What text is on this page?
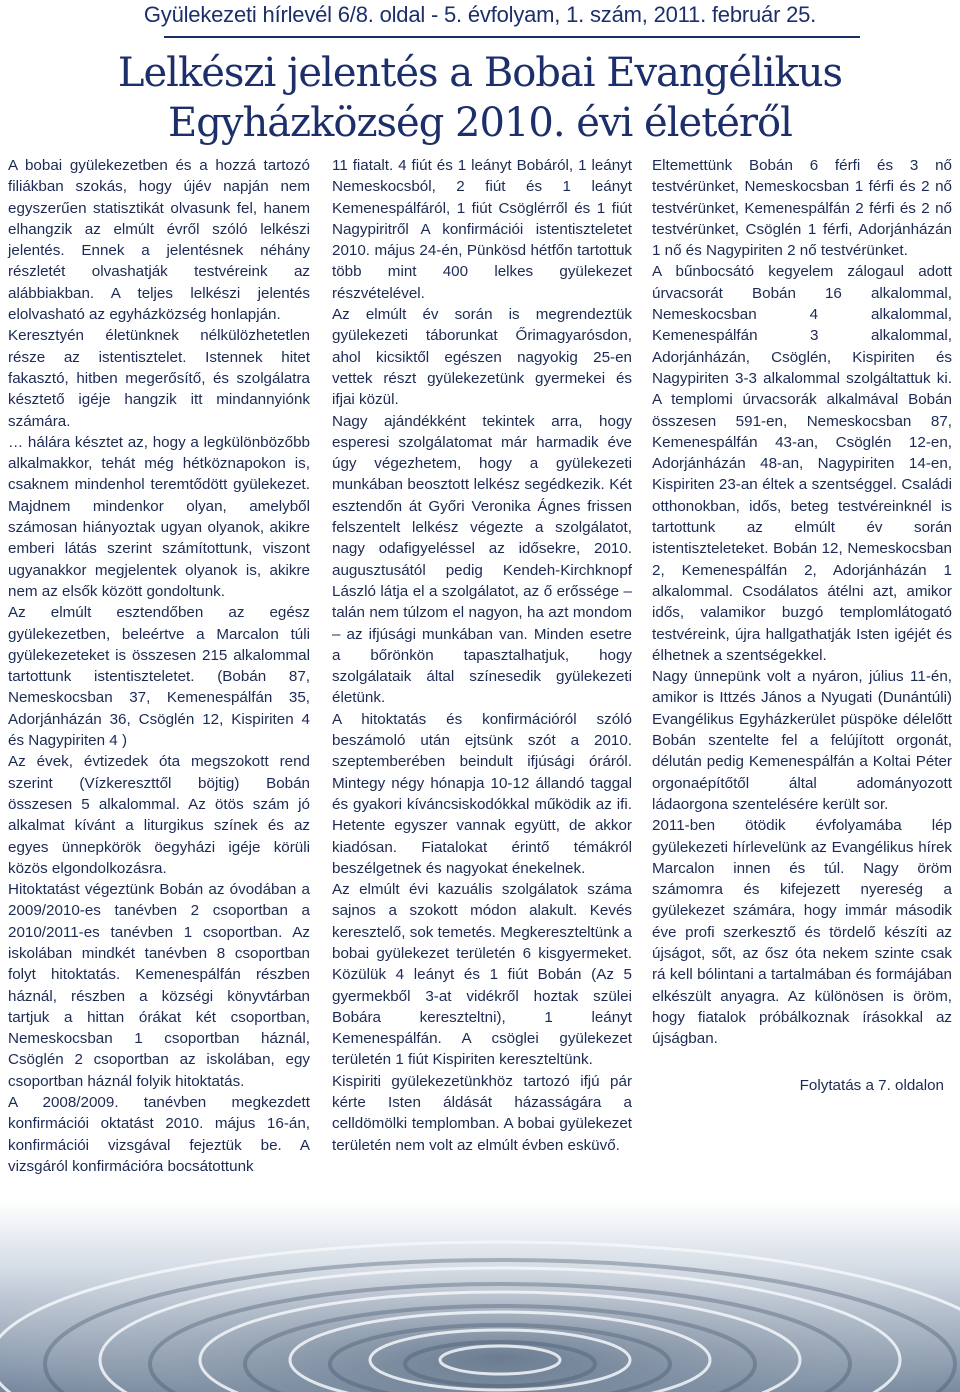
Gyülekezeti hírlevél 6/8. oldal - 5. évfolyam, 1. szám, 2011. február 25.
Lelkészi jelentés a Bobai Evangélikus
Egyházközség 2010. évi életéről

A bobai gyülekezetben és a hozzá tartozó filiákban szokás, hogy újév napján nem egyszerűen statisztikát olvasunk fel, hanem elhangzik az elmúlt évről szóló lelkészi jelentés. Ennek a jelentésnek néhány részletét olvashatják testvéreink az alábbiakban. A teljes lelkészi jelentés elolvasható az egyházközség honlapján.

Keresztyén életünknek nélkülözhetetlen része az istentisztelet. Istennek hitet fakasztó, hitben megerősítő, és szolgálatra késztető igéje hangzik itt mindannyiónk számára.

… hálára késztet az, hogy a legkülönbözőbb alkalmakkor, tehát még hétköznapokon is, csaknem mindenhol teremtődött gyülekezet. Majdnem mindenkor olyan, amelyből számosan hiányoztak ugyan olyanok, akikre emberi látás szerint számítottunk, viszont ugyanakkor megjelentek olyanok is, akikre nem az elsők között gondoltunk.

Az elmúlt esztendőben az egész gyülekezetben, beleértve a Marcalon túli gyülekezeteket is összesen 215 alkalommal tartottunk istentiszteletet. (Bobán 87, Nemeskocsban 37, Kemenespálfán 35, Adorjánházán 36, Csöglén 12, Kispiriten 4 és Nagypiriten 4 )

Az évek, évtizedek óta megszokott rend szerint (Vízkereszttől böjtig) Bobán összesen 5 alkalommal. Az ötös szám jó alkalmat kívánt a liturgikus színek és az egyes ünnepkörök öegyházi igéje körüli közös elgondolkozásra.

Hitoktatást végeztünk Bobán az óvodában a 2009/2010-es tanévben 2 csoportban a 2010/2011-es tanévben 1 csoportban. Az iskolában mindkét tanévben 8 csoportban folyt hitoktatás. Kemenespálfán részben háznál, részben a községi könyvtárban tartjuk a hittan órákat két csoportban, Nemeskocsban 1 csoportban háznál, Csöglén 2 csoportban az iskolában, egy csoportban háznál folyik hitoktatás.

A 2008/2009. tanévben megkezdett konfirmációi oktatást 2010. május 16-án, konfirmációi vizsgával fejeztük be. A vizsgáról konfirmációra bocsátottunk

11 fiatalt. 4 fiút és 1 leányt Bobáról, 1 leányt Nemeskocsból, 2 fiút és 1 leányt Kemenespálfáról, 1 fiút Csöglérről és 1 fiút Nagypiritről A konfirmációi istentiszteletet 2010. május 24-én, Pünkösd hétfőn tartottuk több mint 400 lelkes gyülekezet részvételével.

Az elmúlt év során is megrendeztük gyülekezeti táborunkat Őrimagyarósdon, ahol kicsiktől egészen nagyokig 25-en vettek részt gyülekezetünk gyermekei és ifjai közül.

Nagy ajándékként tekintek arra, hogy esperesi szolgálatomat már harmadik éve úgy végezhetem, hogy a gyülekezeti munkában beosztott lelkész segédkezik. Két esztendőn át Győri Veronika Ágnes frissen felszentelt lelkész végezte a szolgálatot, nagy odafigyeléssel az idősekre, 2010. augusztusától pedig Kendeh-Kirchknopf László látja el a szolgálatot, az ő erőssége – talán nem túlzom el nagyon, ha azt mondom – az ifjúsági munkában van. Minden esetre a bőrönkön tapasztalhatjuk, hogy szolgálataik által színesedik gyülekezeti életünk.

A hitoktatás és konfirmációról szóló beszámoló után ejtsünk szót a 2010. szeptemberében beindult ifjúsági óráról. Mintegy négy hónapja 10-12 állandó taggal és gyakori kíváncsiskodókkal működik az ifi. Hetente egyszer vannak együtt, de akkor kiadósan. Fiatalokat érintő témákról beszélgetnek és nagyokat énekelnek.

Az elmúlt évi kazuális szolgálatok száma sajnos a szokott módon alakult. Kevés keresztelő, sok temetés. Megkereszteltünk a bobai gyülekezet területén 6 kisgyermeket. Közülük 4 leányt és 1 fiút Bobán (Az 5 gyermekből 3-at vidékről hoztak szülei Bobára kereszteltni), 1 leányt Kemenespálfán. A csöglei gyülekezet területén 1 fiút Kispiriten kereszteltünk.

Kispiriti gyülekezetünkhöz tartozó ifjú pár kérte Isten áldását házasságára a celldömölki templomban. A bobai gyülekezet területén nem volt az elmúlt évben esküvő.

Eltemettünk Bobán 6 férfi és 3 nő testvérünket, Nemeskocsban 1 férfi és 2 nő testvérünket, Kemenespálfán 2 férfi és 2 nő testvérünket, Csöglén 1 férfi, Adorjánházán 1 nő és Nagypiriten 2 nő testvérünket.

A bűnbocsátó kegyelem zálogaul adott úrvacsorát Bobán 16 alkalommal, Nemeskocsban 4 alkalommal, Kemenespálfán 3 alkalommal, Adorjánházán, Csöglén, Kispiriten és Nagypiriten 3-3 alkalommal szolgáltattuk ki. A templomi úrvacsorák alkalmával Bobán összesen 591-en, Nemeskocsban 87, Kemenespálfán 43-an, Csöglén 12-en, Adorjánházán 48-an, Nagypiriten 14-en, Kispiriten 23-an éltek a szentséggel. Családi otthonokban, idős, beteg testvéreinknél is tartottunk az elmúlt év során istentiszteleteket. Bobán 12, Nemeskocsban 2, Kemenespálfán 2, Adorjánházán 1 alkalommal. Csodálatos átélni azt, amikor idős, valamikor buzgó templomlátogató testvéreink, újra hallgathatják Isten igéjét és élhetnek a szentségekkel.

Nagy ünnepünk volt a nyáron, július 11-én, amikor is Ittzés János a Nyugati (Dunántúli) Evangélikus Egyházkerület püspöke délelőtt Bobán szentelte fel a felújított orgonát, délután pedig Kemenespálfán a Koltai Péter orgonaépítőtől által adományozott ládaorgona szentelésére került sor.

2011-ben ötödik évfolyamába lép gyülekezeti hírlevelünk az Evangélikus hírek Marcalon innen és túl. Nagy öröm számomra és kifejezett nyereség a gyülekezet számára, hogy immár második éve profi szerkesztő és tördelő készíti az újságot, sőt, az ősz óta nekem szinte csak rá kell bólintani a tartalmában és formájában elkészült anyagra. Az különösen is öröm, hogy fiatalok próbálkoznak írásokkal az újságban.

Folytatás a 7. oldalon
